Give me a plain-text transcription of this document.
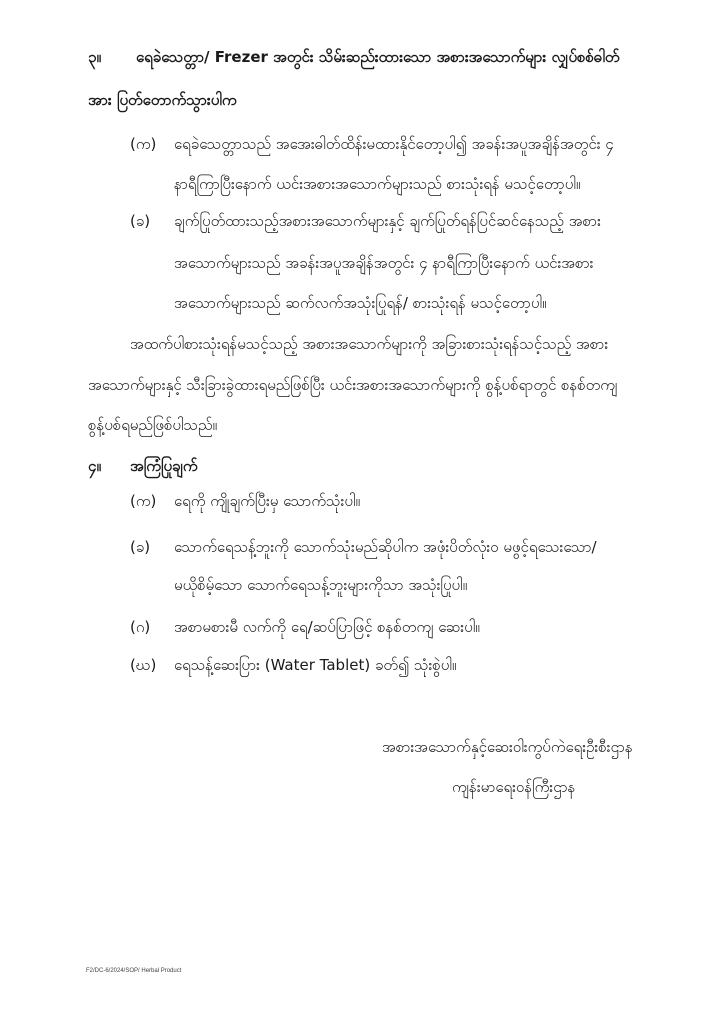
၃။ ရေခဲသေတ္တာ/ Frezer အတွင်း သိမ်းဆည်းထားသော အစားအသောက်များ လျှပ်စစ်ဓါတ်
အား ပြတ်တောက်သွားပါက
(က) ရေခဲသေတ္တာသည် အအေးဓါတ်ထိန်းမထားနိုင်တော့ပါ၍ အခန်းအပူအချိန်အတွင်း ၄
နာရီကြာပြီးနောက် ယင်းအစားအသောက်များသည် စားသုံးရန် မသင့်တော့ပါ။
(ခ) ချက်ပြုတ်ထားသည့်အစားအသောက်များနှင့် ချက်ပြုတ်ရန်ပြင်ဆင်နေသည့် အစား
အသောက်များသည် အခန်းအပူအချိန်အတွင်း ၄ နာရီကြာပြီးနောက် ယင်းအစား
အသောက်များသည် ဆက်လက်အသုံးပြုရန်/ စားသုံးရန် မသင့်တော့ပါ။
အထက်ပါစားသုံးရန်မသင့်သည့် အစားအသောက်များကို အခြားစားသုံးရန်သင့်သည့် အစား
အသောက်များနှင့် သီးခြားခွဲထားရမည်ဖြစ်ပြီး ယင်းအစားအသောက်များကို စွန့်ပစ်ရာတွင် စနစ်တကျ
စွန့်ပစ်ရမည်ဖြစ်ပါသည်။
၄။ အကြံပြုချက်
(က) ရေကို ကျိုချက်ပြီးမှ သောက်သုံးပါ။
(ခ) သောက်ရေသန့်ဘူးကို သောက်သုံးမည်ဆိုပါက အဖုံးပိတ်လုံးဝ မဖွင့်ရသေးသော/
မယိုစိမ့်သော သောက်ရေသန့်ဘူးများကိုသာ အသုံးပြုပါ။
(ဂ) အစာမစားမီ လက်ကို ရေ/ဆပ်ပြာဖြင့် စနစ်တကျ ဆေးပါ။
(ဃ) ရေသန့်ဆေးပြား (Water Tablet) ခတ်၍ သုံးစွဲပါ။
အစားအသောက်နှင့်ဆေးဝါးကွပ်ကဲရေးဦးစီးဌာန
ကျန်းမာရေးဝန်ကြီးဌာန
F2/DC-6/2024/SOP/ Herbal Product
